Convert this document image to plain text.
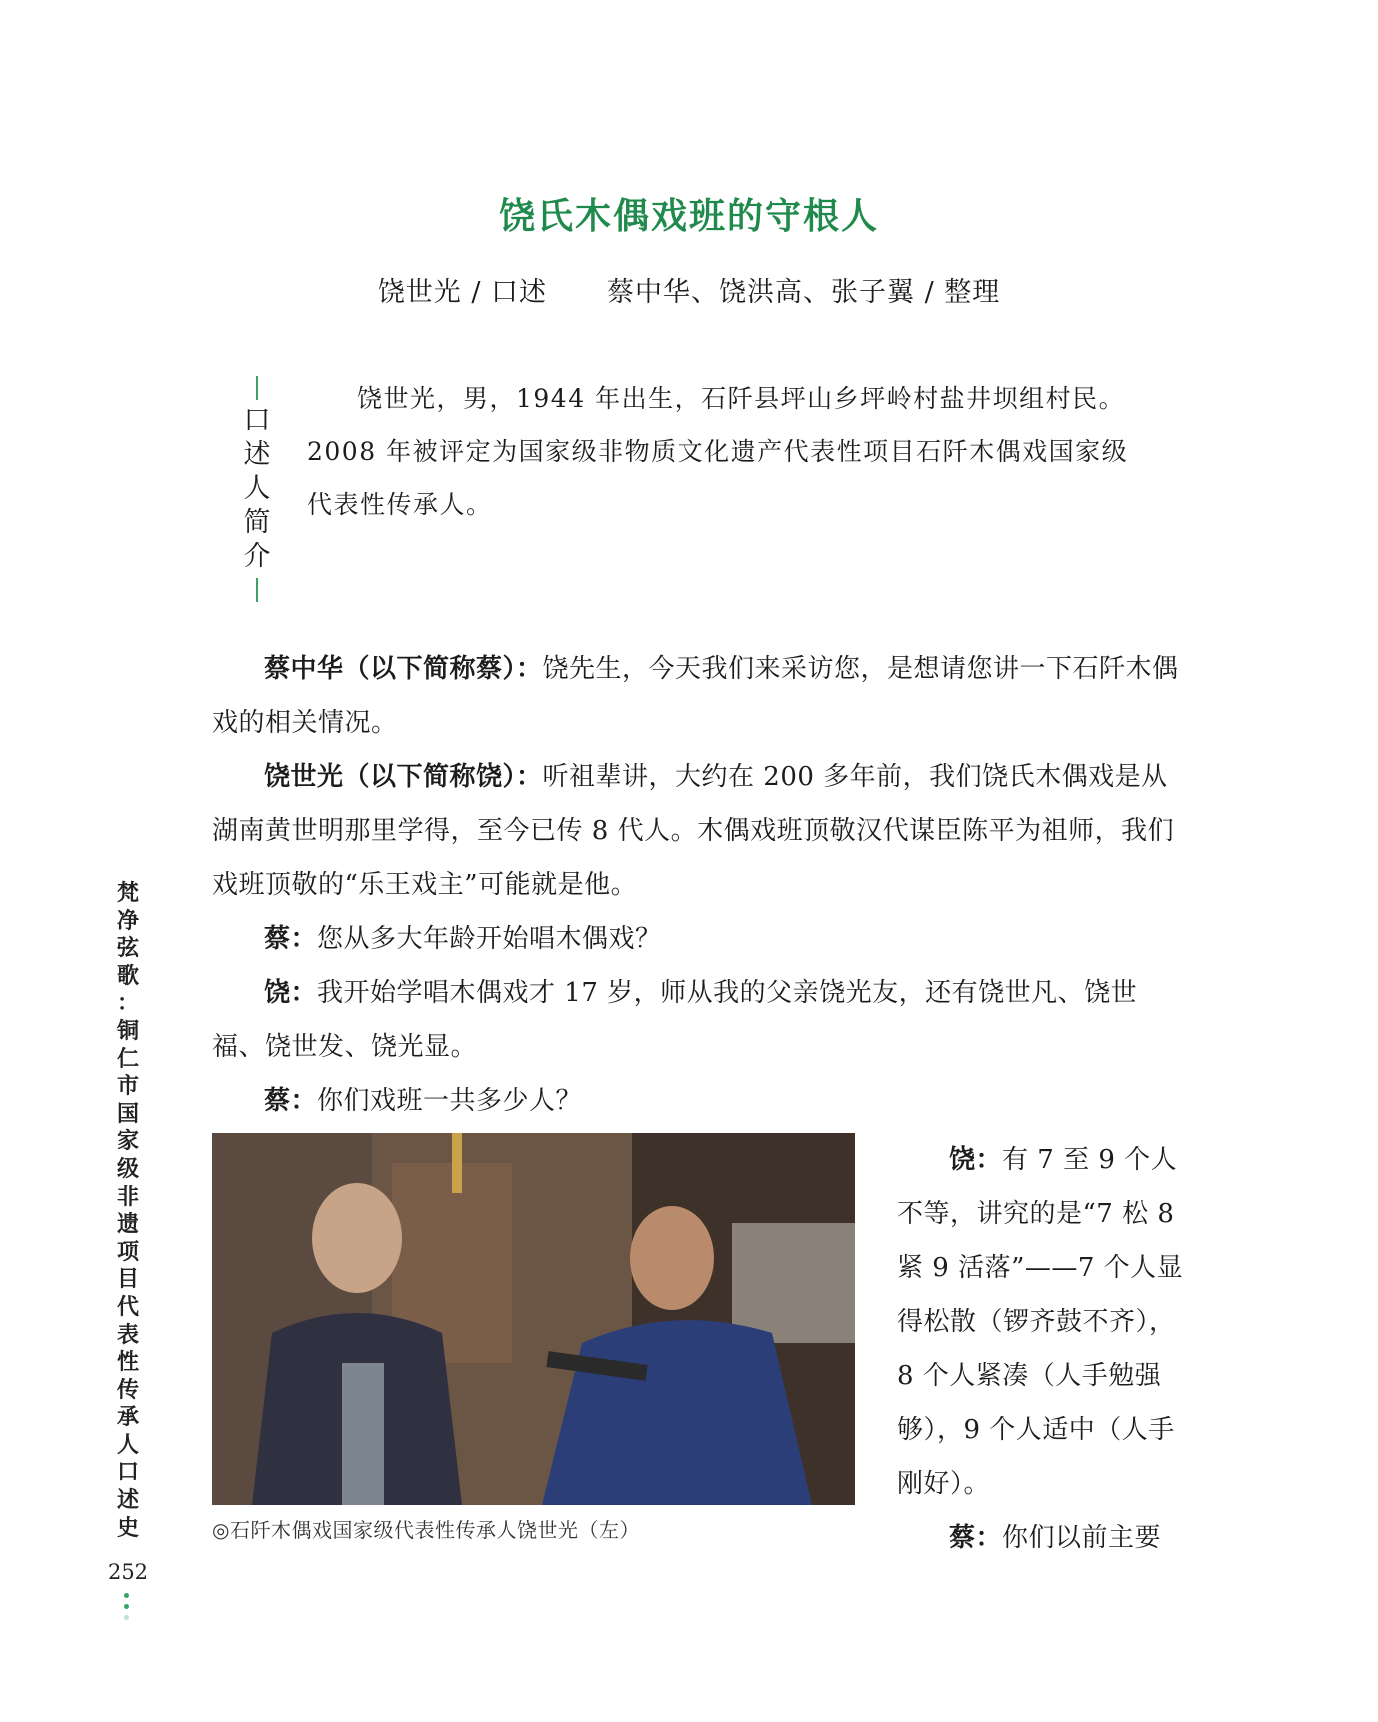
饶氏木偶戏班的守根人
饶世光 / 口述 蔡中华、饶洪高、张子翼 / 整理
口
述
人
简
介

饶世光，男，1944 年出生，石阡县坪山乡坪岭村盐井坝组村民。2008 年被评定为国家级非物质文化遗产代表性项目石阡木偶戏国家级代表性传承人。

蔡中华（以下简称蔡）：饶先生，今天我们来采访您，是想请您讲一下石阡木偶戏的相关情况。

饶世光（以下简称饶）：听祖辈讲，大约在 200 多年前，我们饶氏木偶戏是从湖南黄世明那里学得，至今已传 8 代人。木偶戏班顶敬汉代谋臣陈平为祖师，我们戏班顶敬的“乐王戏主”可能就是他。

蔡：您从多大年龄开始唱木偶戏？

饶：我开始学唱木偶戏才 17 岁，师从我的父亲饶光友，还有饶世凡、饶世福、饶世发、饶光显。

蔡：你们戏班一共多少人？

◎石阡木偶戏国家级代表性传承人饶世光（左）

饶：有 7 至 9 个人不等，讲究的是“7 松 8 紧 9 活落”——7 个人显得松散（锣齐鼓不齐），8 个人紧凑（人手勉强够），9 个人适中（人手刚好）。

蔡：你们以前主要

梵
净
弦
歌
：
铜
仁
市
国
家
级
非
遗
项
目
代
表
性
传
承
人
口
述
史
252
